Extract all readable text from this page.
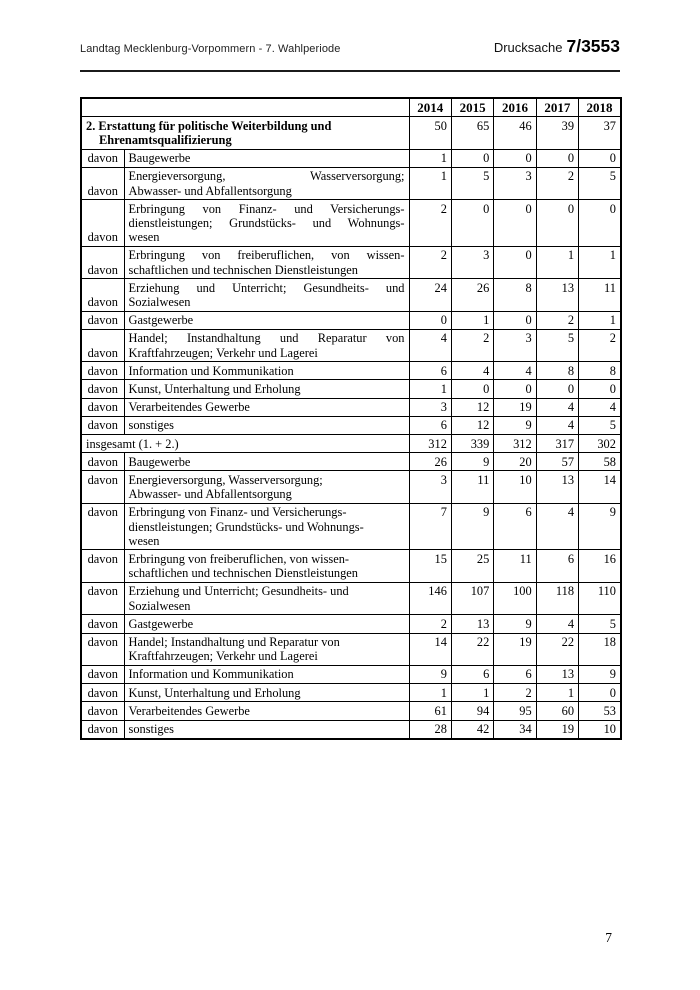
Landtag Mecklenburg-Vorpommern - 7. Wahlperiode	Drucksache 7/3553
		2014	2015	2016	2017	2018

2. Erstattung für politische Weiterbildung und
Ehrenamtsqualifizierung		50	65	46	39	37
davon	Baugewerbe	1	0	0	0	0
davon	Energieversorgung, Wasserversorgung;
Abwasser- und Abfallentsorgung	1	5	3	2	5
davon	Erbringung von Finanz- und Versicherungs-
dienstleistungen; Grundstücks- und Wohnungs-
wesen	2	0	0	0	0
davon	Erbringung von freiberuflichen, von wissen-
schaftlichen und technischen Dienstleistungen	2	3	0	1	1
davon	Erziehung und Unterricht; Gesundheits- und
Sozialwesen	24	26	8	13	11
davon	Gastgewerbe	0	1	0	2	1
davon	Handel; Instandhaltung und Reparatur von
Kraftfahrzeugen; Verkehr und Lagerei	4	2	3	5	2
davon	Information und Kommunikation	6	4	4	8	8
davon	Kunst, Unterhaltung und Erholung	1	0	0	0	0
davon	Verarbeitendes Gewerbe	3	12	19	4	4
davon	sonstiges	6	12	9	4	5

insgesamt (1. + 2.)		312	339	312	317	302
davon	Baugewerbe	26	9	20	57	58
davon	Energieversorgung, Wasserversorgung;
Abwasser- und Abfallentsorgung	3	11	10	13	14
davon	Erbringung von Finanz- und Versicherungs-
dienstleistungen; Grundstücks- und Wohnungs-
wesen	7	9	6	4	9
davon	Erbringung von freiberuflichen, von wissen-
schaftlichen und technischen Dienstleistungen	15	25	11	6	16
davon	Erziehung und Unterricht; Gesundheits- und
Sozialwesen	146	107	100	118	110
davon	Gastgewerbe	2	13	9	4	5
davon	Handel; Instandhaltung und Reparatur von
Kraftfahrzeugen; Verkehr und Lagerei	14	22	19	22	18
davon	Information und Kommunikation	9	6	6	13	9
davon	Kunst, Unterhaltung und Erholung	1	1	2	1	0
davon	Verarbeitendes Gewerbe	61	94	95	60	53
davon	sonstiges	28	42	34	19	10
7
